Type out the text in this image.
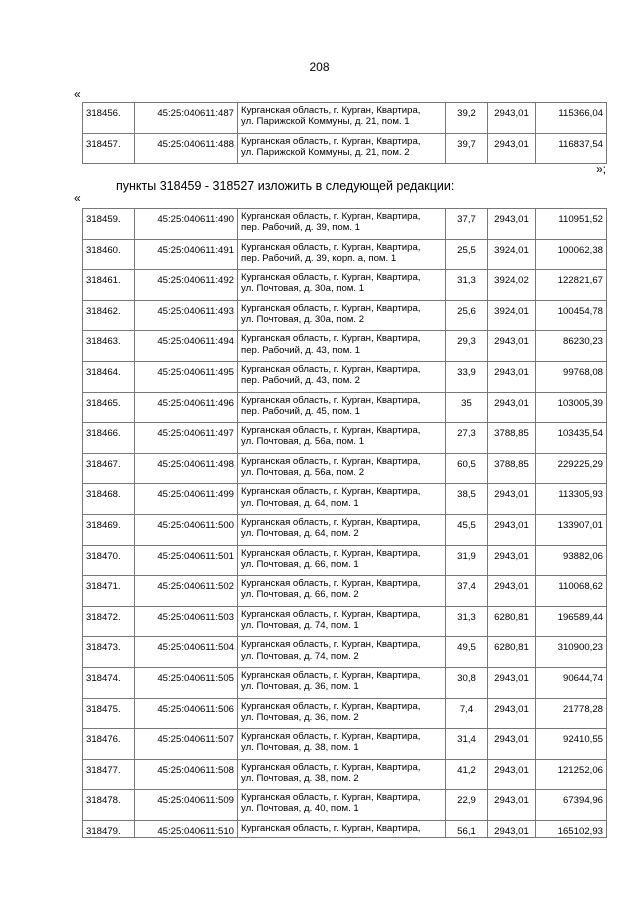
208
«
318456.	45:25:040611:487	Курганская область, г. Курган, Квартира,
ул. Парижской Коммуны, д. 21, пом. 1	39,2	2943,01	115366,04
318457.	45:25:040611:488	Курганская область, г. Курган, Квартира,
ул. Парижской Коммуны, д. 21, пом. 2	39,7	2943,01	116837,54
»;
пункты 318459 - 318527 изложить в следующей редакции:
«
318459.	45:25:040611:490	Курганская область, г. Курган, Квартира,
пер. Рабочий, д. 39, пом. 1	37,7	2943,01	110951,52
318460.	45:25:040611:491	Курганская область, г. Курган, Квартира,
пер. Рабочий, д. 39, корп. а, пом. 1	25,5	3924,01	100062,38
318461.	45:25:040611:492	Курганская область, г. Курган, Квартира,
ул. Почтовая, д. 30а, пом. 1	31,3	3924,02	122821,67
318462.	45:25:040611:493	Курганская область, г. Курган, Квартира,
ул. Почтовая, д. 30а, пом. 2	25,6	3924,01	100454,78
318463.	45:25:040611:494	Курганская область, г. Курган, Квартира,
пер. Рабочий, д. 43, пом. 1	29,3	2943,01	86230,23
318464.	45:25:040611:495	Курганская область, г. Курган, Квартира,
пер. Рабочий, д. 43, пом. 2	33,9	2943,01	99768,08
318465.	45:25:040611:496	Курганская область, г. Курган, Квартира,
пер. Рабочий, д. 45, пом. 1	35	2943,01	103005,39
318466.	45:25:040611:497	Курганская область, г. Курган, Квартира,
ул. Почтовая, д. 56а, пом. 1	27,3	3788,85	103435,54
318467.	45:25:040611:498	Курганская область, г. Курган, Квартира,
ул. Почтовая, д. 56а, пом. 2	60,5	3788,85	229225,29
318468.	45:25:040611:499	Курганская область, г. Курган, Квартира,
ул. Почтовая, д. 64, пом. 1	38,5	2943,01	113305,93
318469.	45:25:040611:500	Курганская область, г. Курган, Квартира,
ул. Почтовая, д. 64, пом. 2	45,5	2943,01	133907,01
318470.	45:25:040611:501	Курганская область, г. Курган, Квартира,
ул. Почтовая, д. 66, пом. 1	31,9	2943,01	93882,06
318471.	45:25:040611:502	Курганская область, г. Курган, Квартира,
ул. Почтовая, д. 66, пом. 2	37,4	2943,01	110068,62
318472.	45:25:040611:503	Курганская область, г. Курган, Квартира,
ул. Почтовая, д. 74, пом. 1	31,3	6280,81	196589,44
318473.	45:25:040611:504	Курганская область, г. Курган, Квартира,
ул. Почтовая, д. 74, пом. 2	49,5	6280,81	310900,23
318474.	45:25:040611:505	Курганская область, г. Курган, Квартира,
ул. Почтовая, д. 36, пом. 1	30,8	2943,01	90644,74
318475.	45:25:040611:506	Курганская область, г. Курган, Квартира,
ул. Почтовая, д. 36, пом. 2	7,4	2943,01	21778,28
318476.	45:25:040611:507	Курганская область, г. Курган, Квартира,
ул. Почтовая, д. 38, пом. 1	31,4	2943,01	92410,55
318477.	45:25:040611:508	Курганская область, г. Курган, Квартира,
ул. Почтовая, д. 38, пом. 2	41,2	2943,01	121252,06
318478.	45:25:040611:509	Курганская область, г. Курган, Квартира,
ул. Почтовая, д. 40, пом. 1	22,9	2943,01	67394,96
318479.	45:25:040611:510	Курганская область, г. Курган, Квартира,	56,1	2943,01	165102,93
